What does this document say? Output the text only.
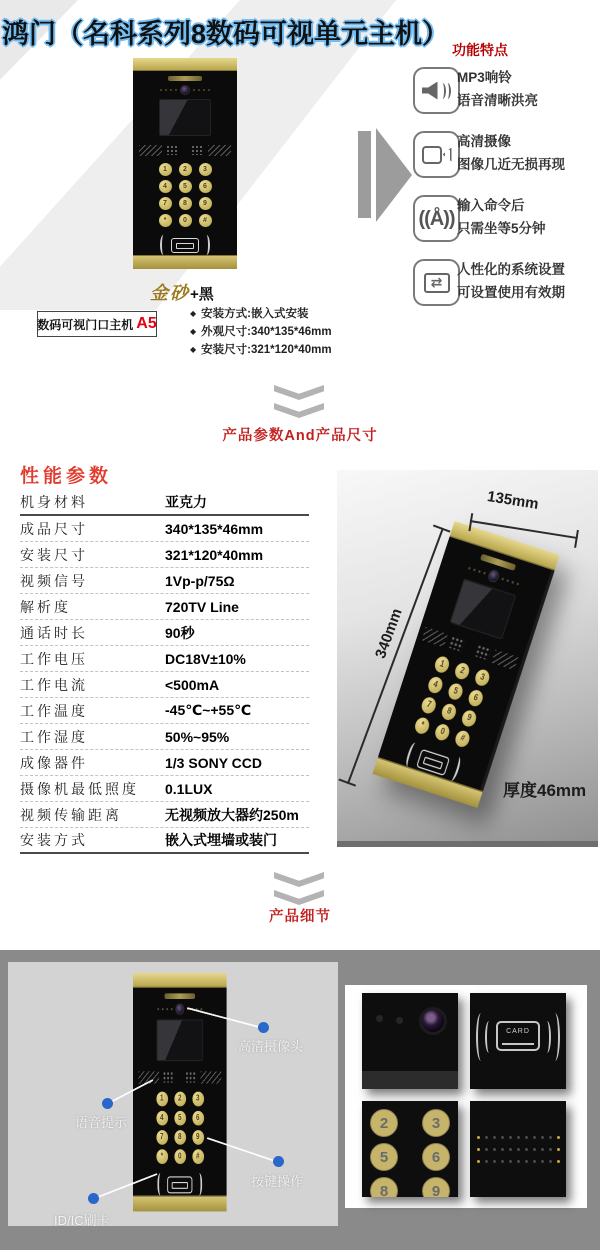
鸿门（名科系列8数码可视单元主机）
1	2	3
4	5	6
7	8	9
*	0	#
金砂+黑
数码可视门口主机 A5
◆ 安装方式:嵌入式安装
◆ 外观尺寸:340*135*46mm
◆ 安装尺寸:321*120*40mm
功能特点
MP3响铃
语音清晰洪亮
高清摄像
图像几近无损再现
((Å))
输入命令后
只需坐等5分钟
⇄
人性化的系统设置
可设置使用有效期
产品参数And产品尺寸
性能参数
机身材料	亚克力
成品尺寸	340*135*46mm
安装尺寸	321*120*40mm
视频信号	1Vp-p/75Ω
解析度	720TV Line
通话时长	90秒
工作电压	DC18V±10%
工作电流	<500mA
工作温度	-45℃~+55℃
工作湿度	50%~95%
成像器件	1/3 SONY CCD
摄像机最低照度	0.1LUX
视频传输距离	无视频放大器约250m
安装方式	嵌入式埋墙或装门
1
2
3
4
5
6
7
8
9
*
0
#
135mm
340mm
厚度46mm
产品细节
1	2	3
4	5	6
7	8	9
*	0	#
高清摄像头
语音提示
按键操作
ID/IC刷卡
CARD
2	3
5	6
8	9
